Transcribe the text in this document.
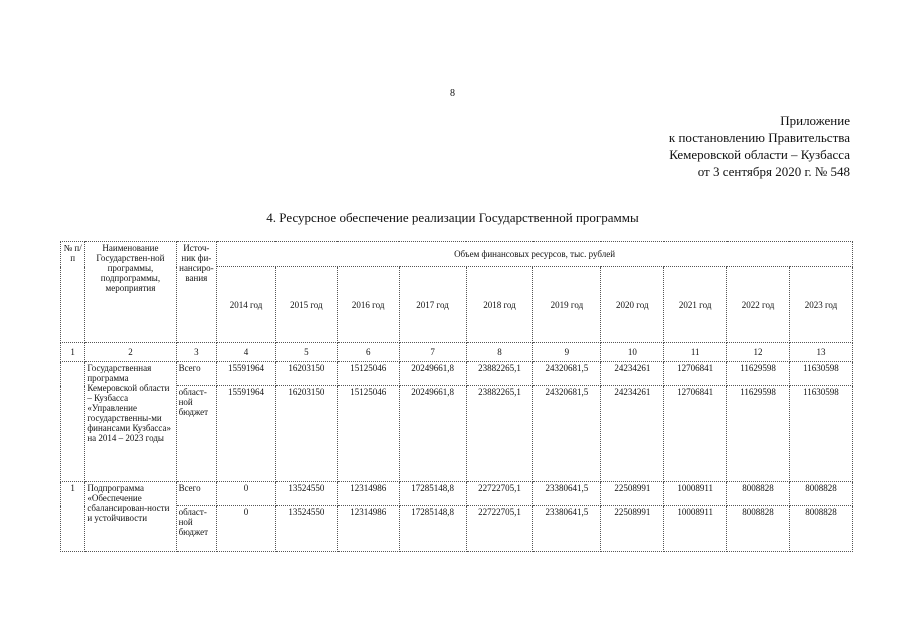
8
Приложение
к постановлению Правительства
Кемеровской области – Кузбасса
от 3 сентября 2020 г. № 548
4. Ресурсное обеспечение реализации Государственной программы
№ п/п	Наименование Государствен-ной программы, подпрограммы, мероприятия	Источ-ник фи-нансиро-вания	Объем финансовых ресурсов, тыс. рублей									
			2014 год	2015 год	2016 год	2017 год	2018 год	2019 год	2020 год	2021 год	2022 год	2023 год
1	2	3	4	5	6	7	8	9	10	11	12	13
	Государственная программа Кемеровской области – Кузбасса «Управление государственны-ми финансами Кузбасса» на 2014 – 2023 годы	Всего	15591964	16203150	15125046	20249661,8	23882265,1	24320681,5	24234261	12706841	11629598	11630598
		област-ной бюджет	15591964	16203150	15125046	20249661,8	23882265,1	24320681,5	24234261	12706841	11629598	11630598
1	Подпрограмма «Обеспечение сбалансирован-ности и устойчивости	Всего	0	13524550	12314986	17285148,8	22722705,1	23380641,5	22508991	10008911	8008828	8008828
		област-ной бюджет	0	13524550	12314986	17285148,8	22722705,1	23380641,5	22508991	10008911	8008828	8008828
